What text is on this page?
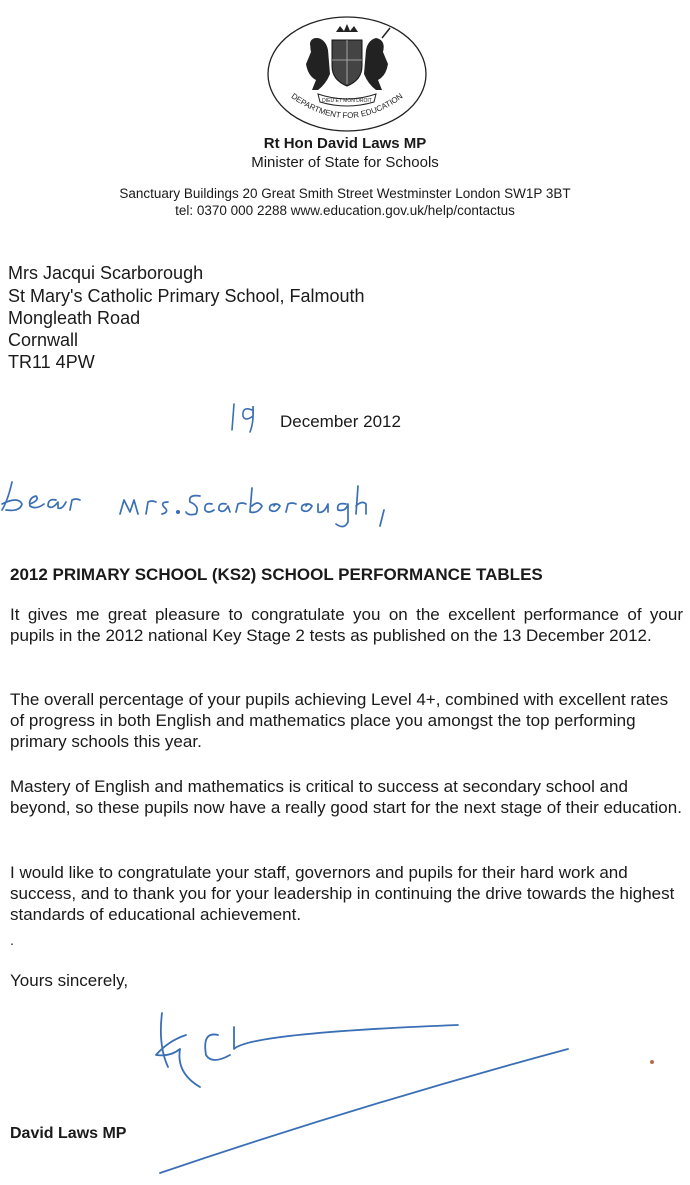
DIEU ET MON DROIT
DEPARTMENT FOR EDUCATION
Rt Hon David Laws MP
Minister of State for Schools
Sanctuary Buildings 20 Great Smith Street Westminster London SW1P 3BT
tel: 0370 000 2288 www.education.gov.uk/help/contactus
Mrs Jacqui Scarborough
St Mary's Catholic Primary School, Falmouth
Mongleath Road
Cornwall
TR11 4PW
December 2012
2012 PRIMARY SCHOOL (KS2) SCHOOL PERFORMANCE TABLES
It gives me great pleasure to congratulate you on the excellent performance of your pupils in the 2012 national Key Stage 2 tests as published on the 13 December 2012.
The overall percentage of your pupils achieving Level 4+, combined with excellent rates of progress in both English and mathematics place you amongst the top performing primary schools this year.
Mastery of English and mathematics is critical to success at secondary school and beyond, so these pupils now have a really good start for the next stage of their education.
I would like to congratulate your staff, governors and pupils for their hard work and success, and to thank you for your leadership in continuing the drive towards the highest standards of educational achievement.
.
Yours sincerely,
David Laws MP
